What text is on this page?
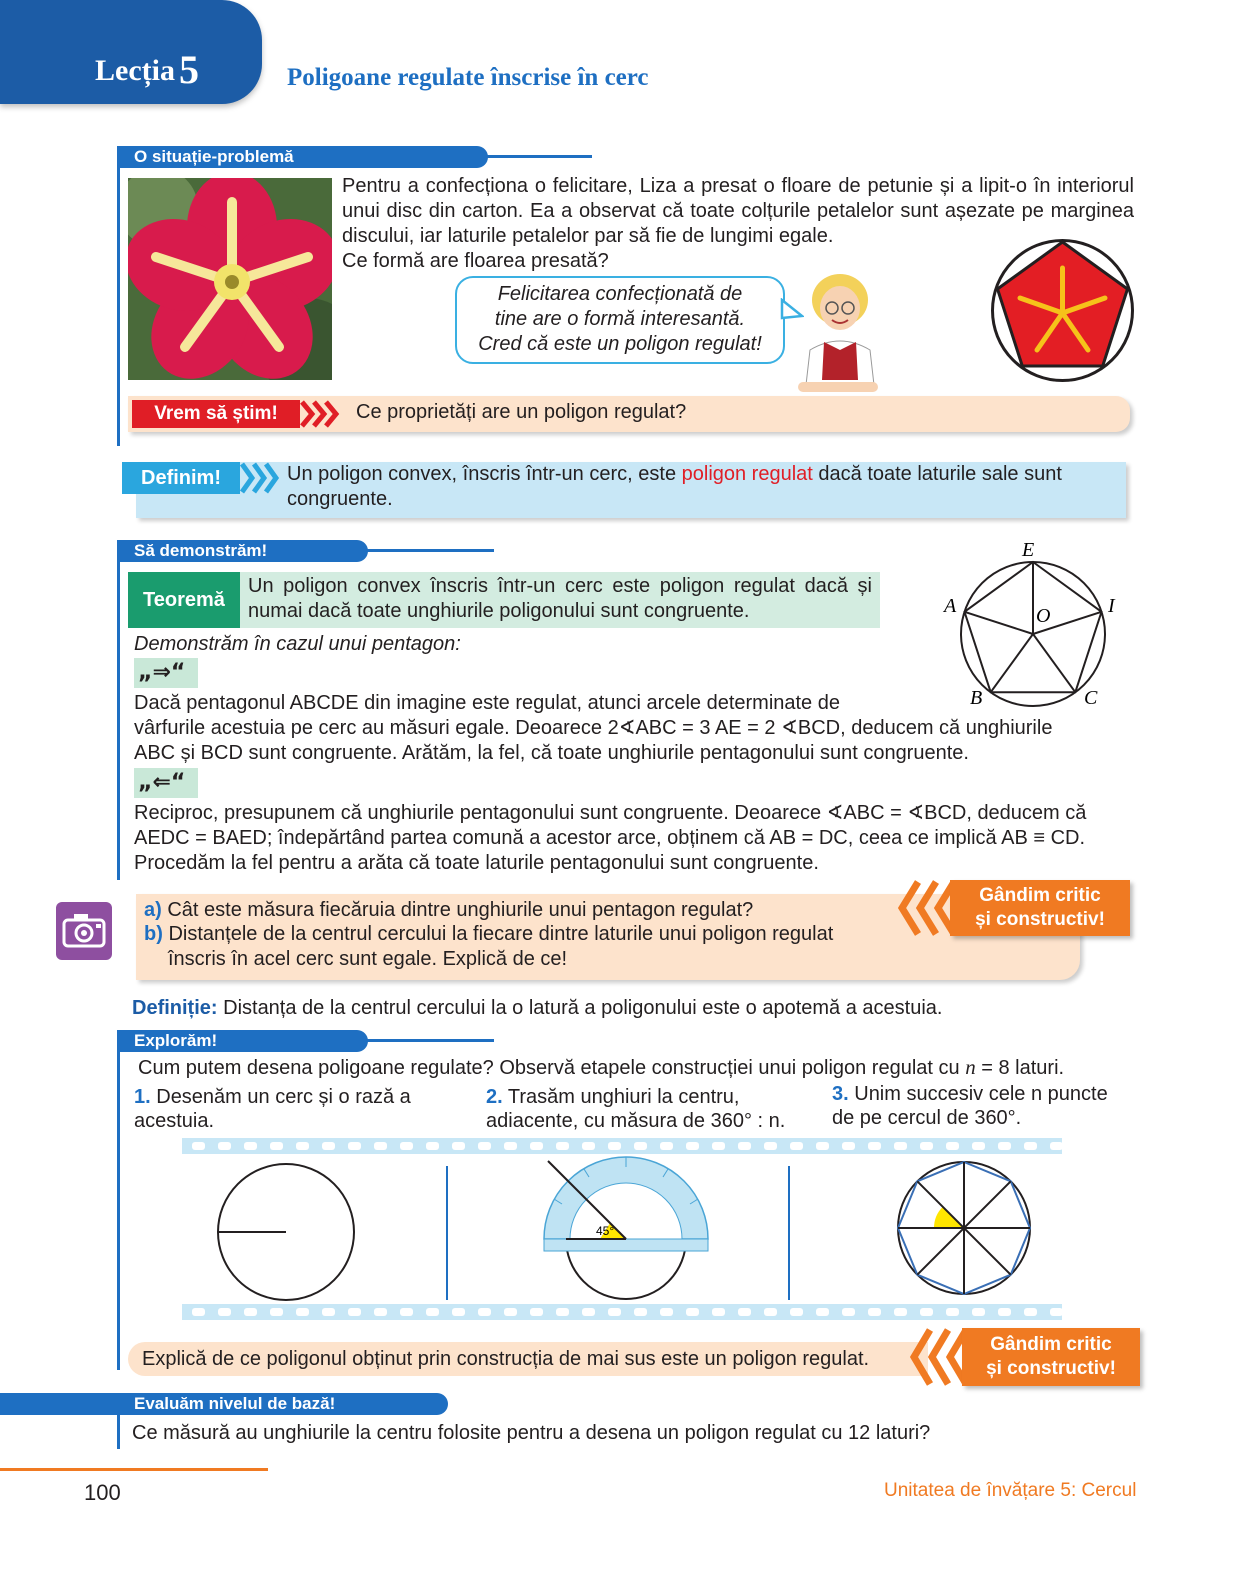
Lecția 5	Poligoane regulate înscrise în cerc
O situație-problemă
Pentru a confecționa o felicitare, Liza a presat o floare de petunie și a lipit-o în interiorul unui disc din carton. Ea a observat că toate colțurile petalelor sunt așezate pe marginea discului, iar laturile petalelor par să fie de lungimi egale.
Ce formă are floarea presată?
Felicitarea confecționată de
tine are o formă interesantă.
Cred că este un poligon regulat!
Vrem să știm!	Ce proprietăți are un poligon regulat?
Definim!	Un poligon convex, înscris într-un cerc, este poligon regulat dacă toate laturile sale sunt congruente.
Să demonstrăm!
Teoremă
Un poligon convex înscris într-un cerc este poligon regulat dacă și numai dacă toate unghiurile poligonului sunt congruente.
E
A	I
O
B	C
Demonstrăm în cazul unui pentagon:
„⇒“
Dacă pentagonul ABCDE din imagine este regulat, atunci arcele determinate de
vârfurile acestuia pe cerc au măsuri egale. Deoarece 2∢ABC = 3 AE = 2 ∢BCD, deducem că unghiurile
ABC și BCD sunt congruente. Arătăm, la fel, că toate unghiurile pentagonului sunt congruente.
„⇐“
Reciproc, presupunem că unghiurile pentagonului sunt congruente. Deoarece ∢ABC = ∢BCD, deducem că
AEDC = BAED; îndepărtând partea comună a acestor arce, obținem că AB = DC, ceea ce implică AB ≡ CD.
Procedăm la fel pentru a arăta că toate laturile pentagonului sunt congruente.
Gândim critic
și constructiv!
a) Cât este măsura fiecăruia dintre unghiurile unui pentagon regulat?
b) Distanțele de la centrul cercului la fiecare dintre laturile unui poligon regulat
înscris în acel cerc sunt egale. Explică de ce!
Definiție: Distanța de la centrul cercului la o latură a poligonului este o apotemă a acestuia.
Explorăm!
Cum putem desena poligoane regulate? Observă etapele construcției unui poligon regulat cu n = 8 laturi.
1. Desenăm un cerc și o rază a
acestuia.
2. Trasăm unghiuri la centru,
adiacente, cu măsura de 360° : n.
3. Unim succesiv cele n puncte
de pe cercul de 360°.
45°
Explică de ce poligonul obținut prin construcția de mai sus este un poligon regulat.
Gândim critic
și constructiv!
Evaluăm nivelul de bază!
Ce măsură au unghiurile la centru folosite pentru a desena un poligon regulat cu 12 laturi?
100	Unitatea de învățare 5: Cercul
